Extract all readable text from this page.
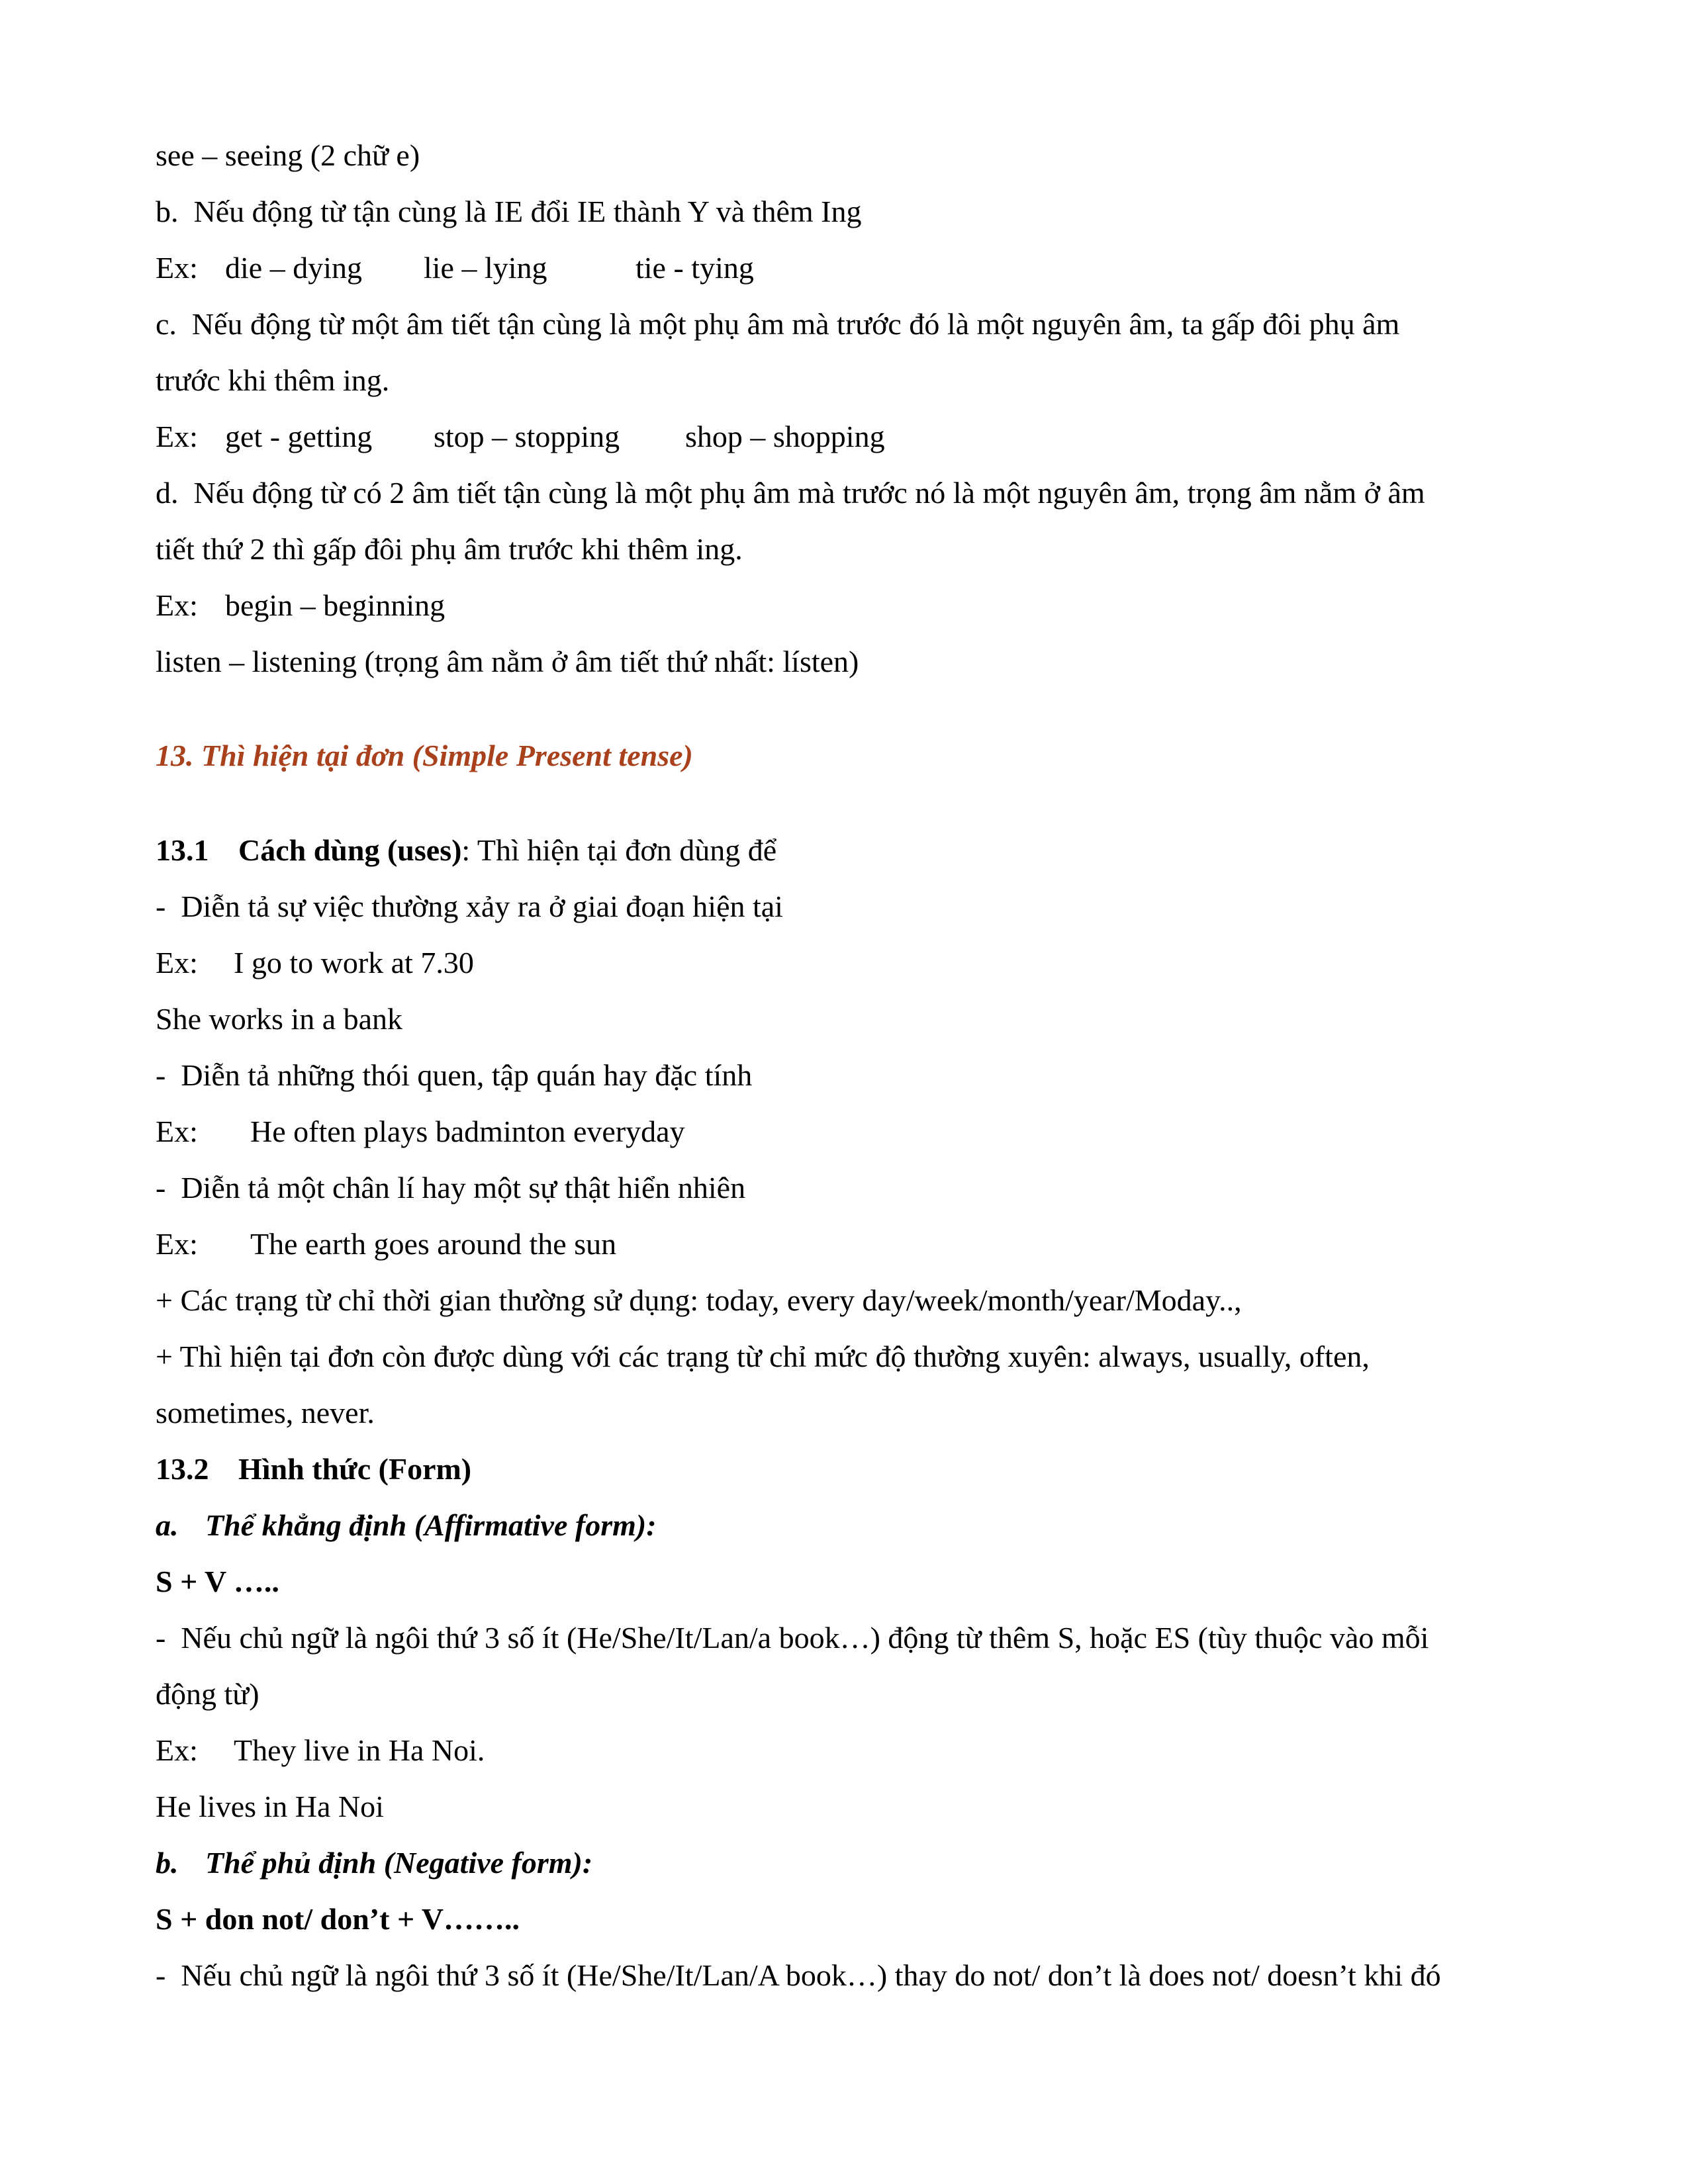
see – seeing (2 chữ e)
b.  Nếu động từ tận cùng là IE đổi IE thành Y và thêm Ing
Ex: die – dying lie – lying	tie - tying
c.  Nếu động từ một âm tiết tận cùng là một phụ âm mà trước đó là một nguyên âm, ta gấp đôi phụ âm
trước khi thêm ing.
Ex: get - getting stop – stopping shop – shopping
d.  Nếu động từ có 2 âm tiết tận cùng là một phụ âm mà trước nó là một nguyên âm, trọng âm nằm ở âm
tiết thứ 2 thì gấp đôi phụ âm trước khi thêm ing.
Ex: begin – beginning
listen – listening (trọng âm nằm ở âm tiết thứ nhất: lísten)
13. Thì hiện tại đơn (Simple Present tense)
13.1 Cách dùng (uses): Thì hiện tại đơn dùng để
-  Diễn tả sự việc thường xảy ra ở giai đoạn hiện tại
Ex: I go to work at 7.30
She works in a bank
-  Diễn tả những thói quen, tập quán hay đặc tính
Ex: He often plays badminton everyday
-  Diễn tả một chân lí hay một sự thật hiển nhiên
Ex: The earth goes around the sun
+ Các trạng từ chỉ thời gian thường sử dụng: today, every day/week/month/year/Moday..,
+ Thì hiện tại đơn còn được dùng với các trạng từ chỉ mức độ thường xuyên: always, usually, often,
sometimes, never.
13.2 Hình thức (Form)
a. Thể khẳng định (Affirmative form):
S + V …..
-  Nếu chủ ngữ là ngôi thứ 3 số ít (He/She/It/Lan/a book…) động từ thêm S, hoặc ES (tùy thuộc vào mỗi
động từ)
Ex: They live in Ha Noi.
He lives in Ha Noi
b. Thể phủ định (Negative form):
S + don not/ don’t + V……..
-  Nếu chủ ngữ là ngôi thứ 3 số ít (He/She/It/Lan/A book…) thay do not/ don’t là does not/ doesn’t khi đó
